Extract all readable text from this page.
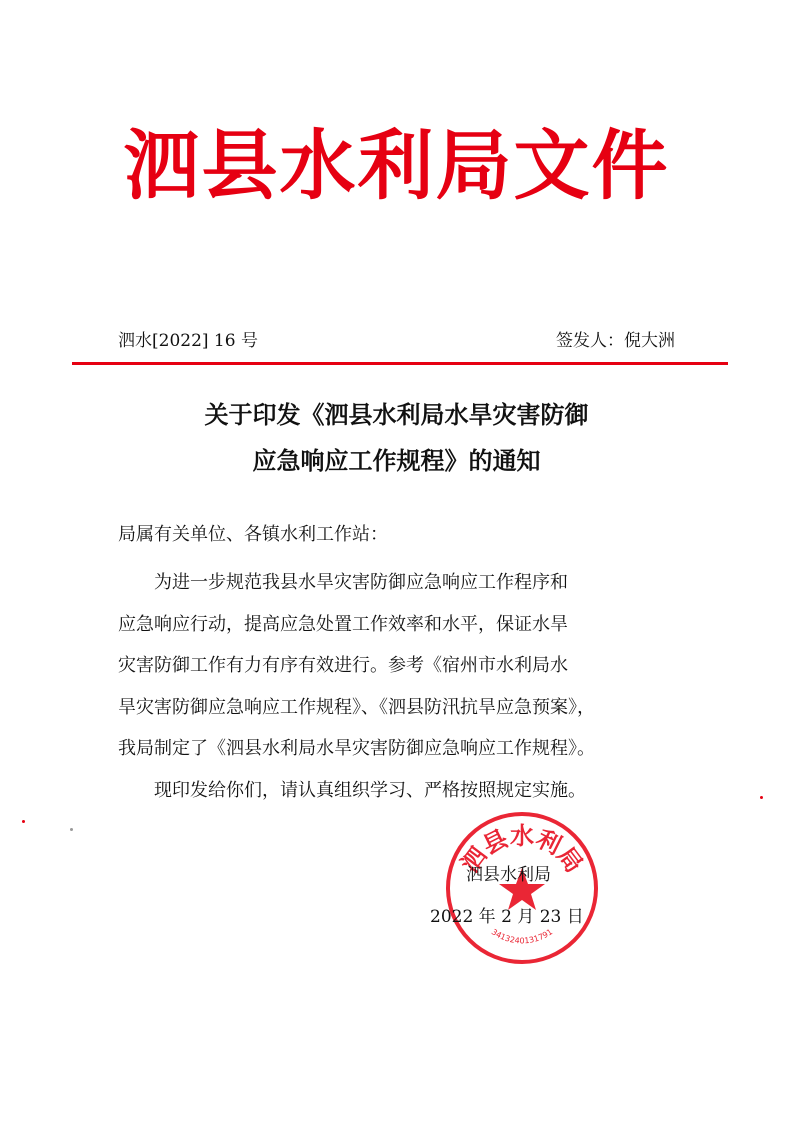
泗县水利局文件
泗水[2022] 16 号	签发人：倪大洲
关于印发《泗县水利局水旱灾害防御
应急响应工作规程》的通知
局属有关单位、各镇水利工作站：

为进一步规范我县水旱灾害防御应急响应工作程序和

应急响应行动，提高应急处置工作效率和水平，保证水旱

灾害防御工作有力有序有效进行。参考《宿州市水利局水

旱灾害防御应急响应工作规程》、《泗县防汛抗旱应急预案》，

我局制定了《泗县水利局水旱灾害防御应急响应工作规程》。

现印发给你们，请认真组织学习、严格按照规定实施。

泗县水利局
3413240131791
泗县水利局
2022 年 2 月 23 日
